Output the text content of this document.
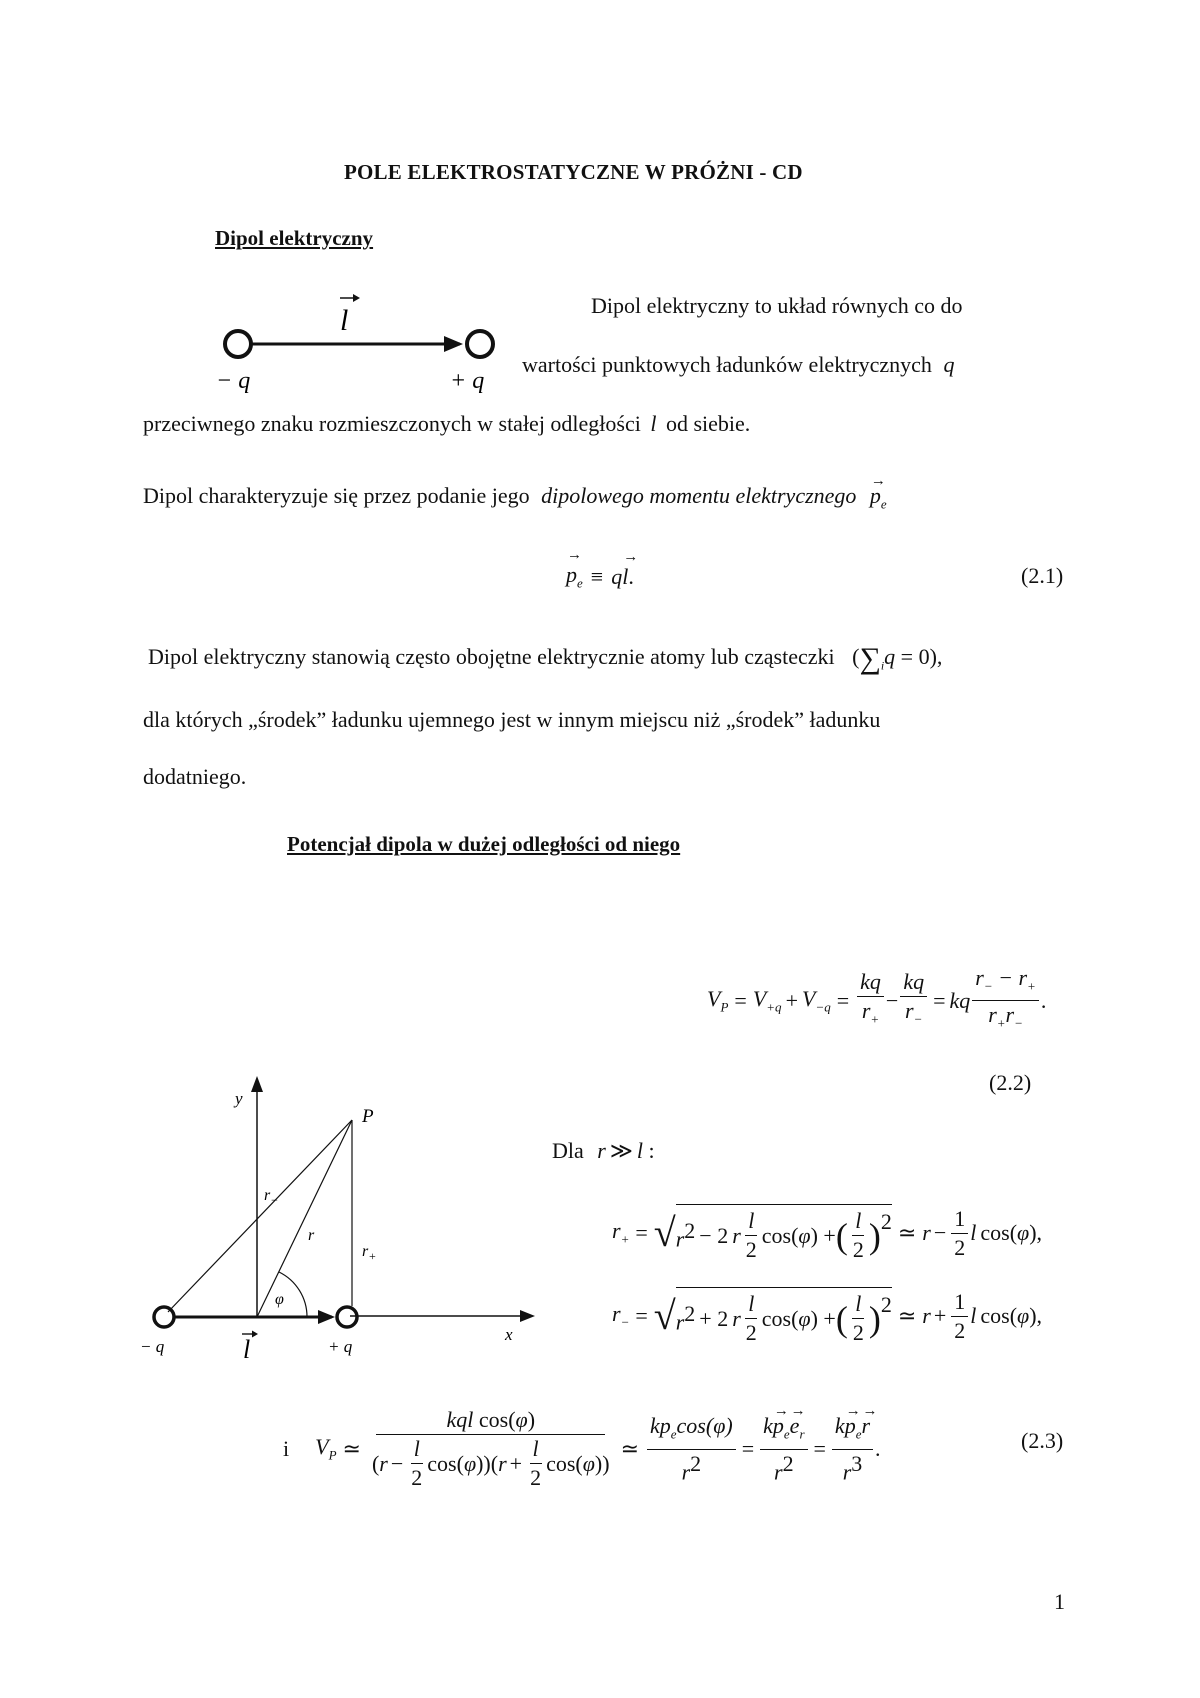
POLE ELEKTROSTATYCZNE W PRÓŻNI - CD
Dipol elektryczny
l
− q	+ q
Dipol elektryczny to układ równych co do
wartości punktowych ładunków elektrycznych q
przeciwnego znaku rozmieszczonych w stałej odległości l od siebie.
Dipol charakteryzuje się przez podanie jego dipolowego momentu elektrycznego → $p_e$
→ $p_e \equiv q\to l$ .	(2.1)
Dipol elektryczny stanowią często obojętne elektrycznie atomy lub cząsteczki $(\sum_iq = 0)$,
dla których „środek” ładunku ujemnego jest w innym miejscu niż „środek” ładunku
dodatniego.
Potencjał dipola w dużej odległości od niego
$V_P = V_{+q} + V_{-q} = \frac{kq}{r_+} - \frac{kq}{r_-}$ = kq $\frac{r_- - r_+}{r_+r_-}$ .
(2.2)
y
x
P
φ
$r_-$
r
$r_+$
− q	l	+ q
Dla r ≫ l :
$r_+$ = √ $r^2 - 2$ r $\frac{l}{2} \cos$( φ ) + ( $\frac{l}{2}$ ) 2 ≃ $r - \frac{1}{2}$ l cos( φ ),
$r_-$ = √ $r^2 + 2$ r $\frac{l}{2} \cos$( φ ) + ( $\frac{l}{2}$ ) 2 ≃ $r + \frac{1}{2}$ l cos( φ ),
i $V_P$ ≃ $\frac{\text{kql cos(φ)}}{( r - \frac{l}{2} \cos( \varphi ))( r + \frac{l}{2} \cos( \varphi ))}$ ≃ $\frac{kp_e\cos(\varphi)}{r^2} = \frac{k\to p_e\to e_r}{r^2} = \frac{k\to p_e\to r}{r^3}$ .	(2.3)
1
